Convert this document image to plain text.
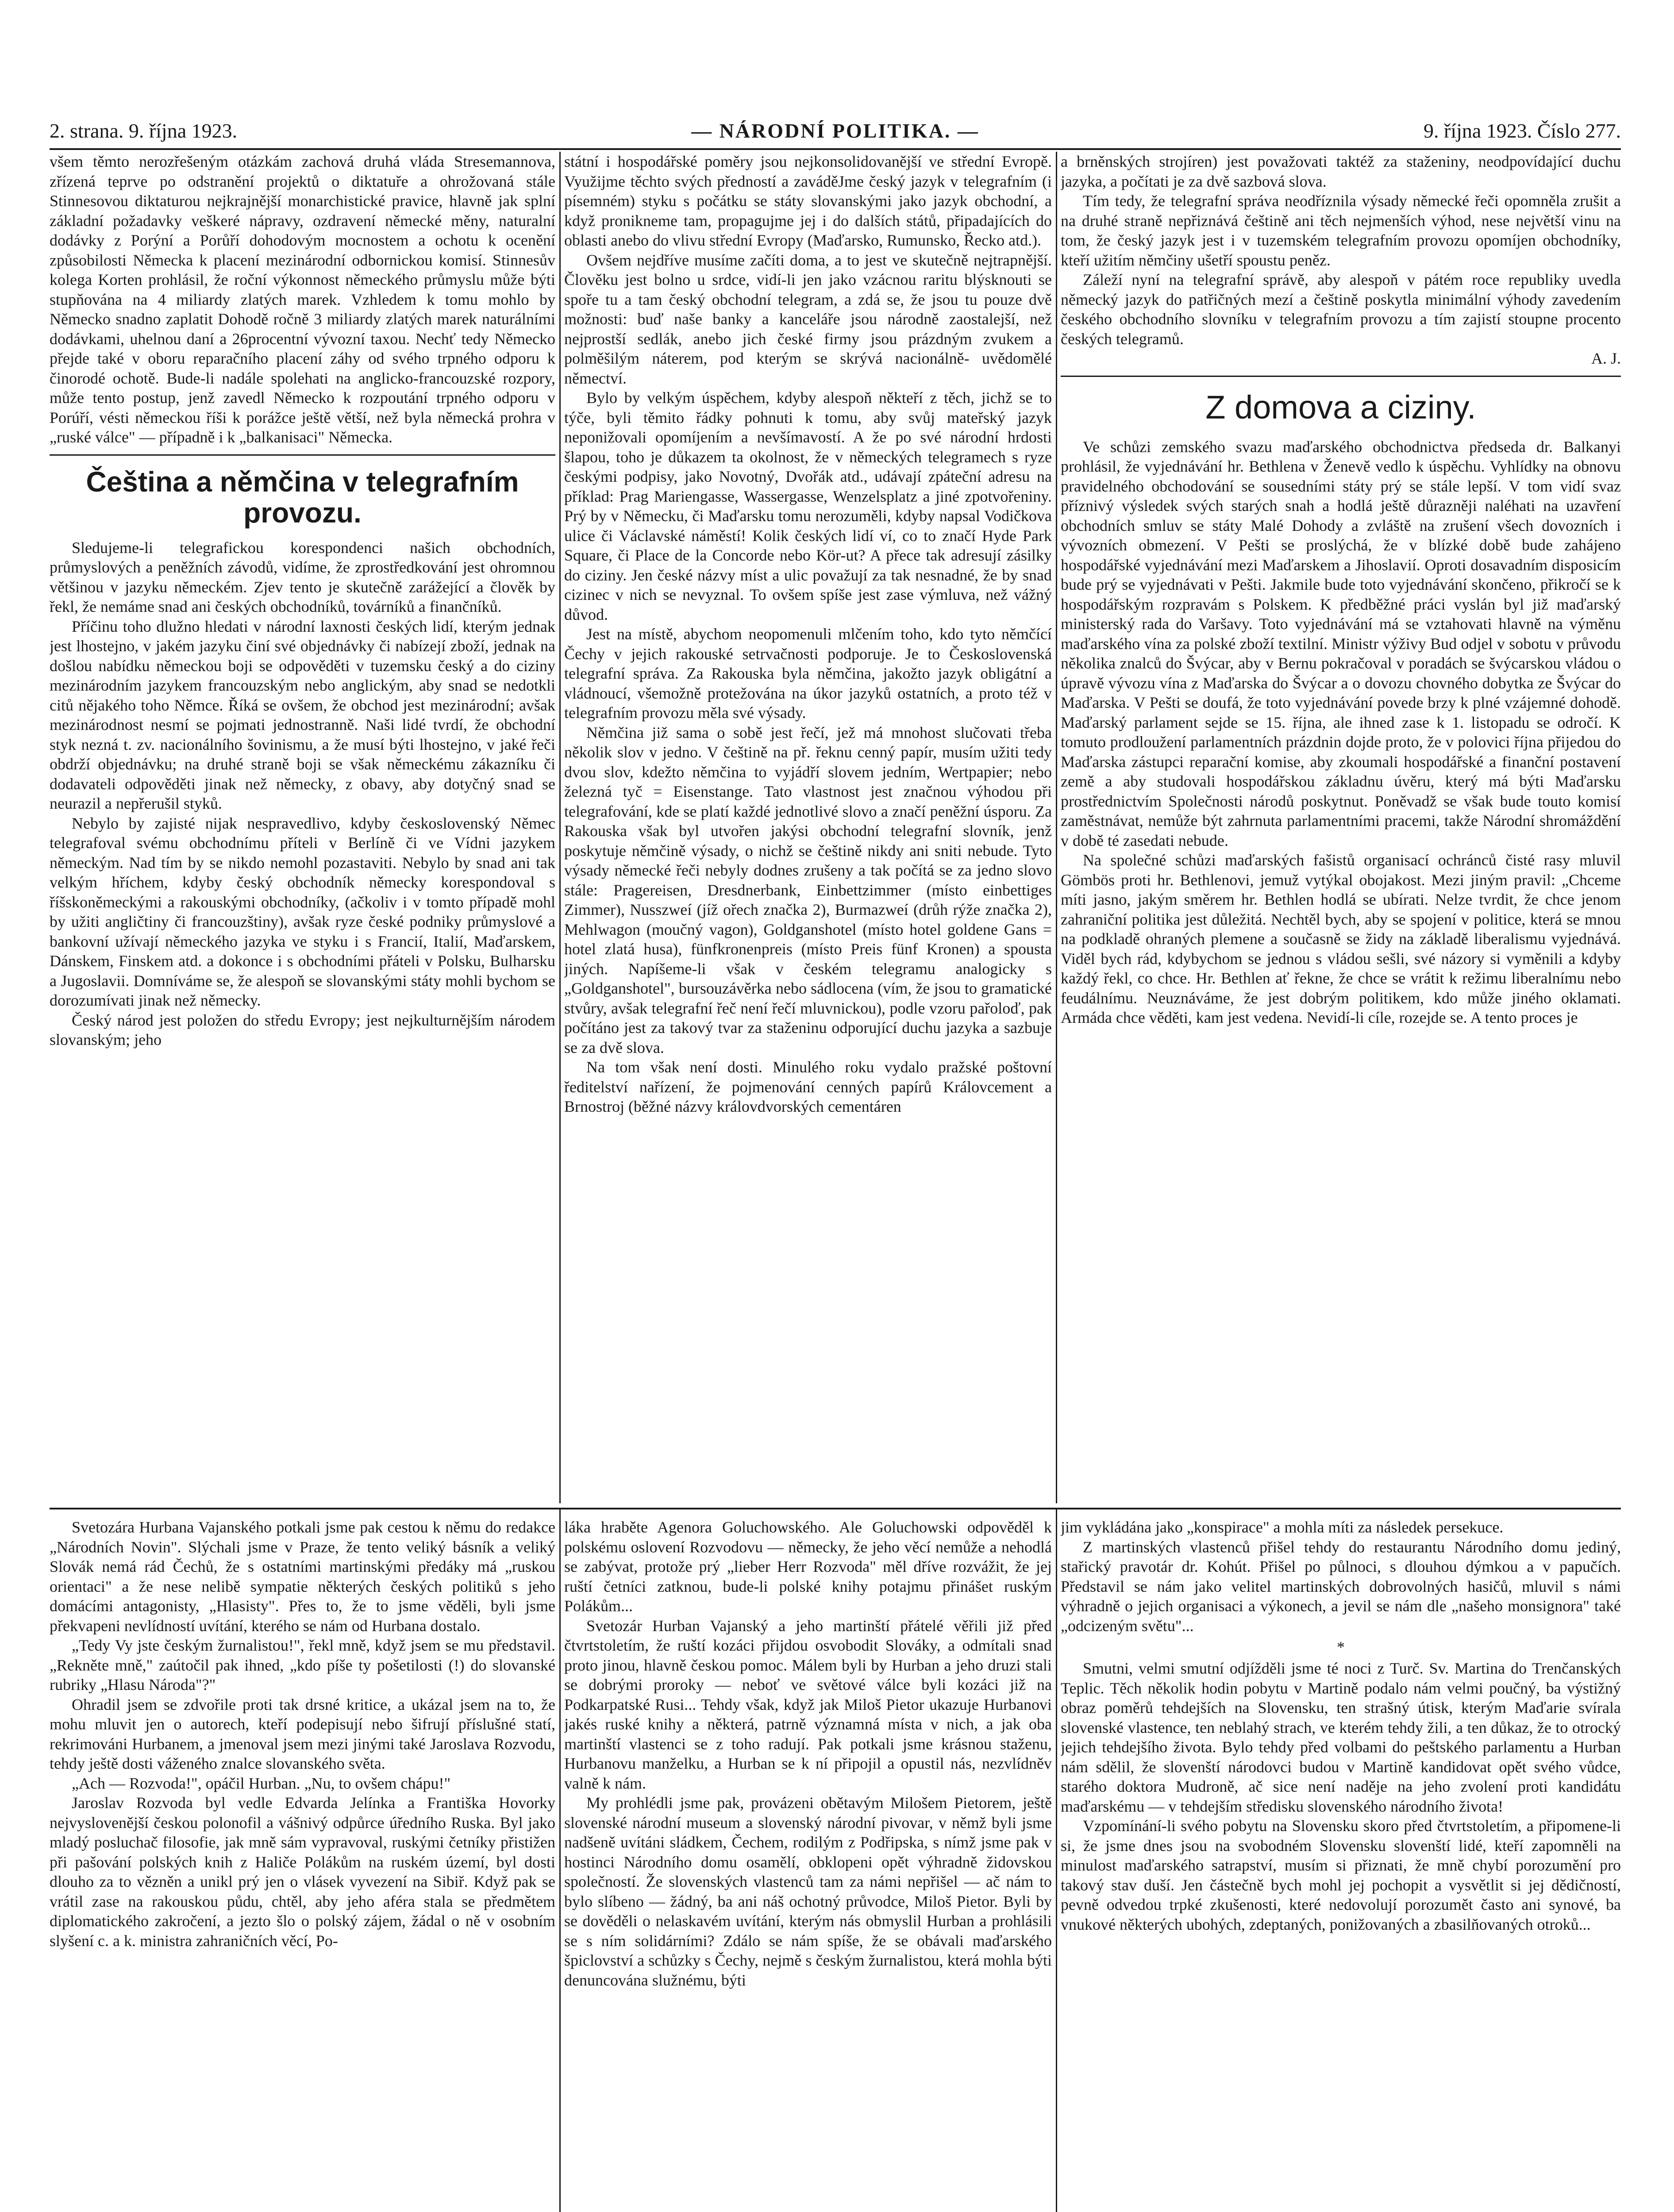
2. strana. 9. října 1923.	— NÁRODNÍ POLITIKA. —	9. října 1923. Číslo 277.

všem těmto nerozřešeným otázkám zachová druhá vláda Stresemannova, zřízená teprve po odstranění projektů o diktatuře a ohrožovaná stále Stinnesovou diktaturou nejkrajnější monarchistické pravice, hlavně jak splní základní požadavky veškeré nápravy, ozdravení německé měny, naturalní dodávky z Porýní a Porůří dohodovým mocnostem a ochotu k ocenění způsobilosti Německa k placení mezinárodní odbornickou komisí. Stinnesův kolega Korten prohlásil, že roční výkonnost německého průmyslu může býti stupňována na 4 miliardy zlatých marek. Vzhledem k tomu mohlo by Německo snadno zaplatit Dohodě ročně 3 miliardy zlatých marek naturálními dodávkami, uhelnou daní a 26procentní vývozní taxou. Nechť tedy Německo přejde také v oboru reparačního placení záhy od svého trpného odporu k činorodé ochotě. Bude-li nadále spolehati na anglicko-francouzské rozpory, může tento postup, jenž zavedl Německo k rozpoutání trpného odporu v Porúří, vésti německou říši k porážce ještě větší, než byla německá prohra v „ruské válce" — případně i k „balkanisaci" Německa.

Čeština a němčina v telegrafním provozu.

Sledujeme-li telegrafickou korespondenci našich obchodních, průmyslových a peněžních závodů, vidíme, že zprostředkování jest ohromnou většinou v jazyku německém. Zjev tento je skutečně zarážející a člověk by řekl, že nemáme snad ani českých obchodníků, továrníků a finančníků.

Příčinu toho dlužno hledati v národní laxnosti českých lidí, kterým jednak jest lhostejno, v jakém jazyku činí své objednávky či nabízejí zboží, jednak na došlou nabídku německou boji se odpověděti v tuzemsku český a do ciziny mezinárodním jazykem francouzským nebo anglickým, aby snad se nedotkli citů nějakého toho Němce. Říká se ovšem, že obchod jest mezinárodní; avšak mezinárodnost nesmí se pojmati jednostranně. Naši lidé tvrdí, že obchodní styk nezná t. zv. nacionálního šovinismu, a že musí býti lhostejno, v jaké řeči obdrží objednávku; na druhé straně boji se však německému zákazníku či dodavateli odpověděti jinak než německy, z obavy, aby dotyčný snad se neurazil a nepřerušil styků.

Nebylo by zajisté nijak nespravedlivo, kdyby československý Němec telegrafoval svému obchodnímu příteli v Berlíně či ve Vídni jazykem německým. Nad tím by se nikdo nemohl pozastaviti. Nebylo by snad ani tak velkým hříchem, kdyby český obchodník německy korespondoval s říšskoněmeckými a rakouskými obchodníky, (ačkoliv i v tomto případě mohl by užiti angličtiny či francouzštiny), avšak ryze české podniky průmyslové a bankovní užívají německého jazyka ve styku i s Francií, Italií, Maďarskem, Dánskem, Finskem atd. a dokonce i s obchodními přáteli v Polsku, Bulharsku a Jugoslavii. Domníváme se, že alespoň se slovanskými státy mohli bychom se dorozumívati jinak než německy.

Český národ jest položen do středu Evropy; jest nejkulturnějším národem slovanským; jeho

státní i hospodářské poměry jsou nejkonsolidovanější ve střední Evropě. Využijme těchto svých předností a zaváděJme český jazyk v telegrafním (i písemném) styku s počátku se státy slovanskými jako jazyk obchodní, a když proniknemе tam, propagujme jej i do dalších států, připadajících do oblasti anebo do vlivu střední Evropy (Maďarsko, Rumunsko, Řecko atd.).

Ovšem nejdříve musíme začíti doma, a to jest ve skutečně nejtrapnější. Člověku jest bolno u srdce, vidí-li jen jako vzácnou raritu blýsknouti se spoře tu a tam český obchodní telegram, a zdá se, že jsou tu pouze dvě možnosti: buď naše banky a kanceláře jsou národně zaostalejší, než nejprostší sedlák, anebo jich české firmy jsou prázdným zvukem a polměšilým náterem, pod kterým se skrývá nacionálně- uvědomělé němectví.

Bylo by velkým úspěchem, kdyby alespoň někteří z těch, jichž se to týče, byli těmito řádky pohnuti k tomu, aby svůj mateřský jazyk neponižovali opomíjením a nevšímavostí. A že po své národní hrdosti šlapou, toho je důkazem ta okolnost, že v německých telegramech s ryze českými podpisy, jako Novotný, Dvořák atd., udávají zpáteční adresu na příklad: Prag Mariengasse, Wassergasse, Wenzelsplatz a jiné zpotvořeniny. Prý by v Německu, či Maďarsku tomu nerozuměli, kdyby napsal Vodičkova ulice či Václavské náměstí! Kolik českých lidí ví, co to značí Hyde Park Square, či Place de la Concorde nebo Kör-ut? A přece tak adresují zásilky do ciziny. Jen české názvy míst a ulic považují za tak nesnadné, že by snad cizinec v nich se nevyznal. To ovšem spíše jest zase výmluva, než vážný důvod.

Jest na místě, abychom neopomenuli mlčením toho, kdo tyto němčící Čechy v jejich rakouské setrvačnosti podporuje. Je to Československá telegrafní správa. Za Rakouska byla němčina, jakožto jazyk obligátní a vládnoucí, všemožně protežována na úkor jazyků ostatních, a proto též v telegrafním provozu měla své výsady.

Němčina již sama o sobě jest řečí, jež má mnohost slučovati třeba několik slov v jedno. V češtině na př. řeknu cenný papír, musím užiti tedy dvou slov, kdežto němčina to vyjádří slovem jedním, Wertpapier; nebo železná tyč = Eisenstange. Tato vlastnost jest značnou výhodou při telegrafování, kde se platí každé jednotlivé slovo a značí peněžní úsporu. Za Rakouska však byl utvořen jakýsi obchodní telegrafní slovník, jenž poskytuje němčině výsady, o nichž se češtině nikdy ani sniti nebude. Tyto výsady německé řeči nebyly dodnes zrušeny a tak počítá se za jedno slovo stále: Pragereisen, Dresdnerbank, Einbettzimmer (místo einbettiges Zimmer), Nusszweí (jíž ořech značka 2), Burmazweí (drůh rýže značka 2), Mehlwagon (moučný vagon), Goldganshotel (místo hotel goldene Gans = hotel zlatá husa), fünfkronenpreis (místo Preis fünf Kronen) a spousta jiných. Napíšeme-li však v českém telegramu analogicky s „Goldganshotel", bursouzávěrka nebo sádlocena (vím, že jsou to gramatické stvůry, avšak telegrafní řeč není řečí mluvnickou), podle vzoru pařoloď, pak počítáno jest za takový tvar za staženinu odporující duchu jazyka a sazbuje se za dvě slova.

Na tom však není dosti. Minulého roku vydalo pražské poštovní ředitelství nařízení, že pojmenování cenných papírů Královcement a Brnostroj (běžné názvy královdvorských cementáren

a brněnských strojíren) jest považovati taktéž za staženiny, neodpovídající duchu jazyka, a počítati je za dvě sazbová slova.

Tím tedy, že telegrafní správa neodříznila výsady německé řeči opomněla zrušit a na druhé straně nepřiznává češtině ani těch nejmenších výhod, nese největší vinu na tom, že český jazyk jest i v tuzemském telegrafním provozu opomíjen obchodníky, kteří užitím němčiny ušetří spoustu peněz.

Záleží nyní na telegrafní správě, aby alespoň v pátém roce republiky uvedla německý jazyk do patřičných mezí a češtině poskytla minimální výhody zavedením českého obchodního slovníku v telegrafním provozu a tím zajistí stoupne procento českých telegramů.

A. J.

Z domova a ciziny.

Ve schůzi zemského svazu maďarského obchodnictva předseda dr. Balkanyi prohlásil, že vyjednávání hr. Bethlena v Ženevě vedlo k úspěchu. Vyhlídky na obnovu pravidelného obchodování se sousedními státy prý se stále lepší. V tom vidí svaz příznivý výsledek svých starých snah a hodlá ještě důrazněji naléhati na uzavření obchodních smluv se státy Malé Dohody a zvláště na zrušení všech dovozních i vývozních obmezení. V Pešti se proslýchá, že v blízké době bude zahájeno hospodářské vyjednávání mezi Maďarskem a Jihoslavií. Oproti dosavadním disposicím bude prý se vyjednávati v Pešti. Jakmile bude toto vyjednávání skončeno, přikročí se k hospodářským rozpravám s Polskem. K předběžné práci vyslán byl již maďarský ministerský rada do Varšavy. Toto vyjednávání má se vztahovati hlavně na výměnu maďarského vína za polské zboží textilní. Ministr výživy Bud odjel v sobotu v průvodu několika znalců do Švýcar, aby v Bernu pokračoval v poradách se švýcarskou vládou o úpravě vývozu vína z Maďarska do Švýcar a o dovozu chovného dobytka ze Švýcar do Maďarska. V Pešti se doufá, že toto vyjednávání povede brzy k plné vzájemné dohodě. Maďarský parlament sejde se 15. října, ale ihned zase k 1. listopadu se odročí. K tomuto prodloužení parlamentních prázdnin dojde proto, že v polovici října přijedou do Maďarska zástupci reparační komise, aby zkoumali hospodářské a finanční postavení země a aby studovali hospodářskou základnu úvěru, který má býti Maďarsku prostřednictvím Společnosti národů poskytnut. Poněvadž se však bude touto komisí zaměstnávat, nemůže být zahrnuta parlamentními pracemi, takže Národní shromáždění v době té zasedati nebude.

Na společné schůzi maďarských fašistů organisací ochránců čisté rasy mluvil Gömbös proti hr. Bethlenovi, jemuž vytýkal obojakost. Mezi jiným pravil: „Chceme míti jasno, jakým směrem hr. Bethlen hodlá se ubírati. Nelze tvrdit, že chce jenom zahraniční politika jest důležitá. Nechtěl bych, aby se spojení v politice, která se mnou na podkladě ohraných plemene a současně se židy na základě liberalismu vyjednává. Viděl bych rád, kdybychom se jednou s vládou sešli, své názory si vyměnili a kdyby každý řekl, co chce. Hr. Bethlen ať řekne, že chce se vrátit k režimu liberalnímu nebo feudálnímu. Neuznáváme, že jest dobrým politikem, kdo může jiného oklamati. Armáda chce věděti, kam jest vedena. Nevidí-li cíle, rozejde se. A tento proces je

Svetozára Hurbana Vajanského potkali jsme pak cestou k němu do redakce „Národních Novin". Slýchali jsme v Praze, že tento veliký básník a veliký Slovák nemá rád Čechů, že s ostatními martinskými předáky má „ruskou orientaci" a že nese nelibě sympatie některých českých politiků s jeho domácími antagonisty, „Hlasisty". Přes to, že to jsme věděli, byli jsme překvapeni nevlídností uvítání, kterého se nám od Hurbana dostalo.

„Tedy Vy jste českým žurnalistou!", řekl mně, když jsem se mu představil. „Rekněte mně," zaútočil pak ihned, „kdo píše ty pošetilosti (!) do slovanské rubriky „Hlasu Národa"?"

Ohradil jsem se zdvořile proti tak drsné kritice, a ukázal jsem na to, že mohu mluvit jen o autorech, kteří podepisují nebo šifrují příslušné statí, rekrimováni Hurbanem, a jmenoval jsem mezi jinými také Jaroslava Rozvodu, tehdy ještě dosti váženého znalce slovanského světa.

„Ach — Rozvoda!", opáčil Hurban. „Nu, to ovšem chápu!"

Jaroslav Rozvoda byl vedle Edvarda Jelínka a Františka Hovorky nejvyslovenější českou polonofil a vášnivý odpůrce úředního Ruska. Byl jako mladý posluchač filosofie, jak mně sám vypravoval, ruskými četníky přistižen při pašování polských knih z Haliče Polákům na ruském území, byl dosti dlouho za to vězněn a unikl prý jen o vlásek vyvezení na Sibiř. Když pak se vrátil zase na rakouskou půdu, chtěl, aby jeho aféra stala se předmětem diplomatického zakročení, a jezto šlo o polský zájem, žádal o ně v osobním slyšení c. a k. ministra zahraničních věcí, Po-

láka hraběte Agenora Goluchowského. Ale Goluchowski odpověděl k polskému oslovení Rozvodovu — německy, že jeho věcí nemůže a nehodlá se zabývat, protože prý „lieber Herr Rozvoda" měl dříve rozvážit, že jej ruští četníci zatknou, bude-li polské knihy potajmu přinášet ruským Polákům...

Svetozár Hurban Vajanský a jeho martinští přátelé věřili již před čtvrtstoletím, že ruští kozáci přijdou osvobodit Slováky, a odmítali snad proto jinou, hlavně českou pomoc. Málem byli by Hurban a jeho druzi stali se dobrými proroky — neboť ve světové válce byli kozáci již na Podkarpatské Rusi... Tehdy však, když jak Miloš Pietor ukazuje Hurbanovi jakés ruské knihy a některá, patrně významná místa v nich, a jak oba martinští vlastenci se z toho radují. Pak potkali jsme krásnou staženu, Hurbanovu manželku, a Hurban se k ní připojil a opustil nás, nezvlídněv valně k nám.

My prohlédli jsme pak, provázeni obětavým Milošem Pietorem, ještě slovenské národní museum a slovenský národní pivovar, v němž byli jsme nadšeně uvítáni sládkem, Čechem, rodilým z Podřipska, s nímž jsme pak v hostinci Národního domu osamělí, obklopeni opět výhradně židovskou společností. Že slovenských vlastenců tam za námi nepřišel — ač nám to bylo slíbeno — žádný, ba ani náš ochotný průvodce, Miloš Pietor. Byli by se dověděli o nelaskavém uvítání, kterým nás obmyslil Hurban a prohlásili se s ním solidárními? Zdálo se nám spíše, že se obávali maďarského špiclovství a schůzky s Čechy, nejmě s českým žurnalistou, která mohla býti denuncována služnému, býti

jim vykládána jako „konspirace" a mohla míti za následek persekuce.

Z martinských vlastenců přišel tehdy do restaurantu Národního domu jediný, stařický pravotár dr. Kohút. Přišel po půlnoci, s dlouhou dýmkou a v papučích. Představil se nám jako velitel martinských dobrovolných hasičů, mluvil s námi výhradně o jejich organisaci a výkonech, a jevil se nám dle „našeho monsignora" také „odcizeným světu"...

*

Smutni, velmi smutní odjížděli jsme té noci z Turč. Sv. Martina do Trenčanských Teplic. Těch několik hodin pobytu v Martině podalo nám velmi poučný, ba výstižný obraz poměrů tehdejších na Slovensku, ten strašný útisk, kterým Maďarie svírala slovenské vlastence, ten neblahý strach, ve kterém tehdy žili, a ten důkaz, že to otrocký jejich tehdejšího života. Bylo tehdy před volbami do peštského parlamentu a Hurban nám sdělil, že slovenští národovci budou v Martině kandidovat opět svého vůdce, starého doktora Mudroně, ač sice není naděje na jeho zvolení proti kandidátu maďarskému — v tehdejším středisku slovenského národního života!

Vzpomínání-li svého pobytu na Slovensku skoro před čtvrtstoletím, a připomene-li si, že jsme dnes jsou na svobodném Slovensku slovenští lidé, kteří zapomněli na minulost maďarského satrapství, musím si přiznati, že mně chybí porozumění pro takový stav duší. Jen částečně bych mohl jej pochopit a vysvětlit si jej dědičností, pevně odvedou trpké zkušenosti, které nedovolují porozumět často ani synové, ba vnukové některých ubohých, zdeptaných, ponižovaných a zbasilňovaných otroků...
